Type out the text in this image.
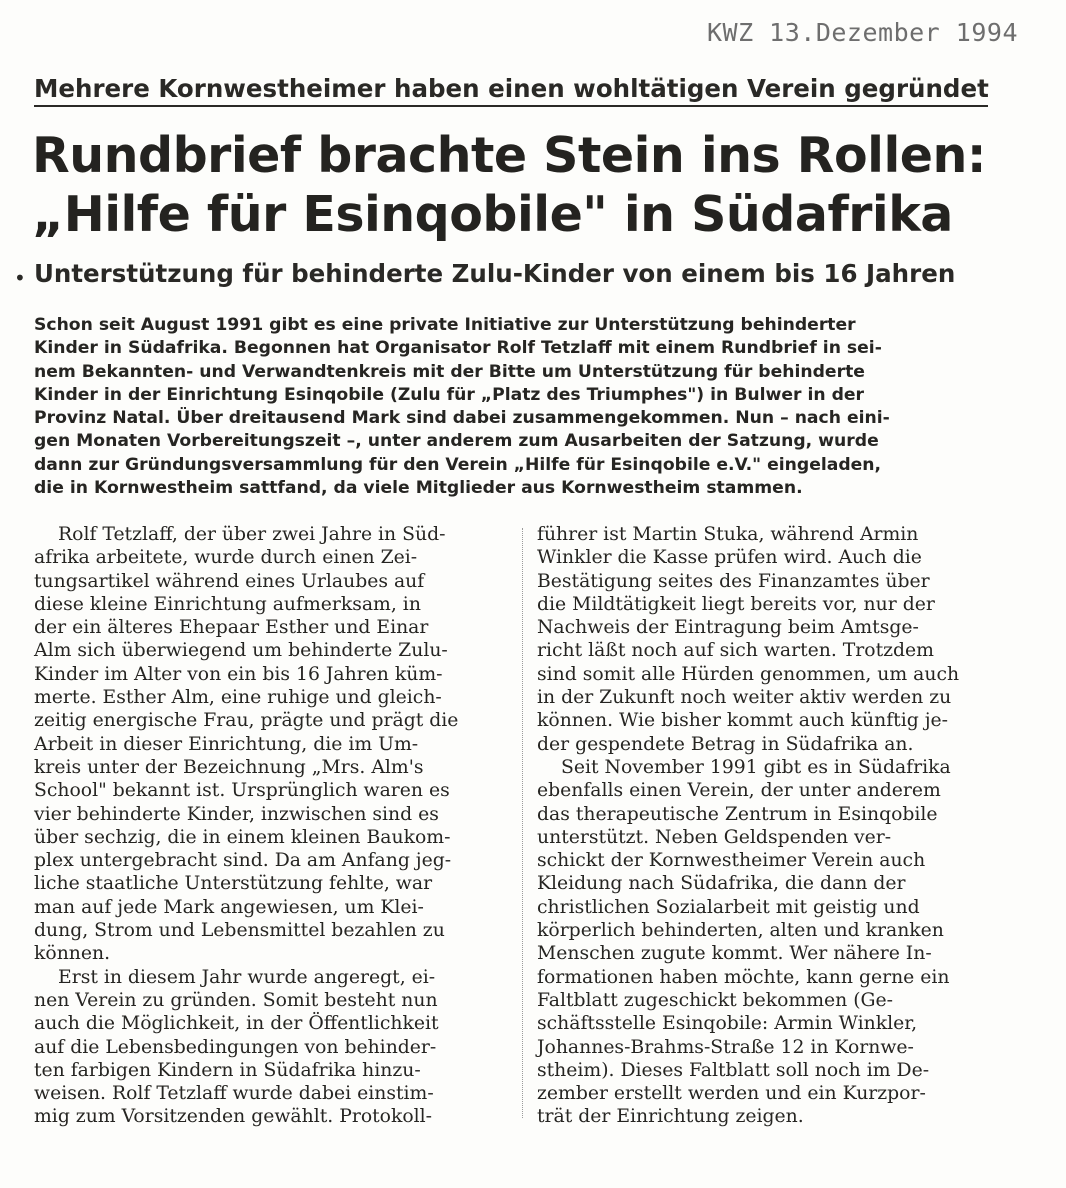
KWZ 13.Dezember 1994
Mehrere Kornwestheimer haben einen wohltätigen Verein gegründet
Rundbrief brachte Stein ins Rollen:
„Hilfe für Esinqobile" in Südafrika
• Unterstützung für behinderte Zulu-Kinder von einem bis 16 Jahren
Schon seit August 1991 gibt es eine private Initiative zur Unterstützung behinderter
Kinder in Südafrika. Begonnen hat Organisator Rolf Tetzlaff mit einem Rundbrief in sei-
nem Bekannten- und Verwandtenkreis mit der Bitte um Unterstützung für behinderte
Kinder in der Einrichtung Esinqobile (Zulu für „Platz des Triumphes") in Bulwer in der
Provinz Natal. Über dreitausend Mark sind dabei zusammengekommen. Nun – nach eini-
gen Monaten Vorbereitungszeit –, unter anderem zum Ausarbeiten der Satzung, wurde
dann zur Gründungsversammlung für den Verein „Hilfe für Esinqobile e.V." eingeladen,
die in Kornwestheim sattfand, da viele Mitglieder aus Kornwestheim stammen.
Rolf Tetzlaff, der über zwei Jahre in Süd-
afrika arbeitete, wurde durch einen Zei-
tungsartikel während eines Urlaubes auf
diese kleine Einrichtung aufmerksam, in
der ein älteres Ehepaar Esther und Einar
Alm sich überwiegend um behinderte Zulu-
Kinder im Alter von ein bis 16 Jahren küm-
merte. Esther Alm, eine ruhige und gleich-
zeitig energische Frau, prägte und prägt die
Arbeit in dieser Einrichtung, die im Um-
kreis unter der Bezeichnung „Mrs. Alm's
School" bekannt ist. Ursprünglich waren es
vier behinderte Kinder, inzwischen sind es
über sechzig, die in einem kleinen Baukom-
plex untergebracht sind. Da am Anfang jeg-
liche staatliche Unterstützung fehlte, war
man auf jede Mark angewiesen, um Klei-
dung, Strom und Lebensmittel bezahlen zu
können.
Erst in diesem Jahr wurde angeregt, ei-
nen Verein zu gründen. Somit besteht nun
auch die Möglichkeit, in der Öffentlichkeit
auf die Lebensbedingungen von behinder-
ten farbigen Kindern in Südafrika hinzu-
weisen. Rolf Tetzlaff wurde dabei einstim-
mig zum Vorsitzenden gewählt. Protokoll-
führer ist Martin Stuka, während Armin
Winkler die Kasse prüfen wird. Auch die
Bestätigung seites des Finanzamtes über
die Mildtätigkeit liegt bereits vor, nur der
Nachweis der Eintragung beim Amtsge-
richt läßt noch auf sich warten. Trotzdem
sind somit alle Hürden genommen, um auch
in der Zukunft noch weiter aktiv werden zu
können. Wie bisher kommt auch künftig je-
der gespendete Betrag in Südafrika an.
Seit November 1991 gibt es in Südafrika
ebenfalls einen Verein, der unter anderem
das therapeutische Zentrum in Esinqobile
unterstützt. Neben Geldspenden ver-
schickt der Kornwestheimer Verein auch
Kleidung nach Südafrika, die dann der
christlichen Sozialarbeit mit geistig und
körperlich behinderten, alten und kranken
Menschen zugute kommt. Wer nähere In-
formationen haben möchte, kann gerne ein
Faltblatt zugeschickt bekommen (Ge-
schäftsstelle Esinqobile: Armin Winkler,
Johannes-Brahms-Straße 12 in Kornwe-
stheim). Dieses Faltblatt soll noch im De-
zember erstellt werden und ein Kurzpor-
trät der Einrichtung zeigen.
